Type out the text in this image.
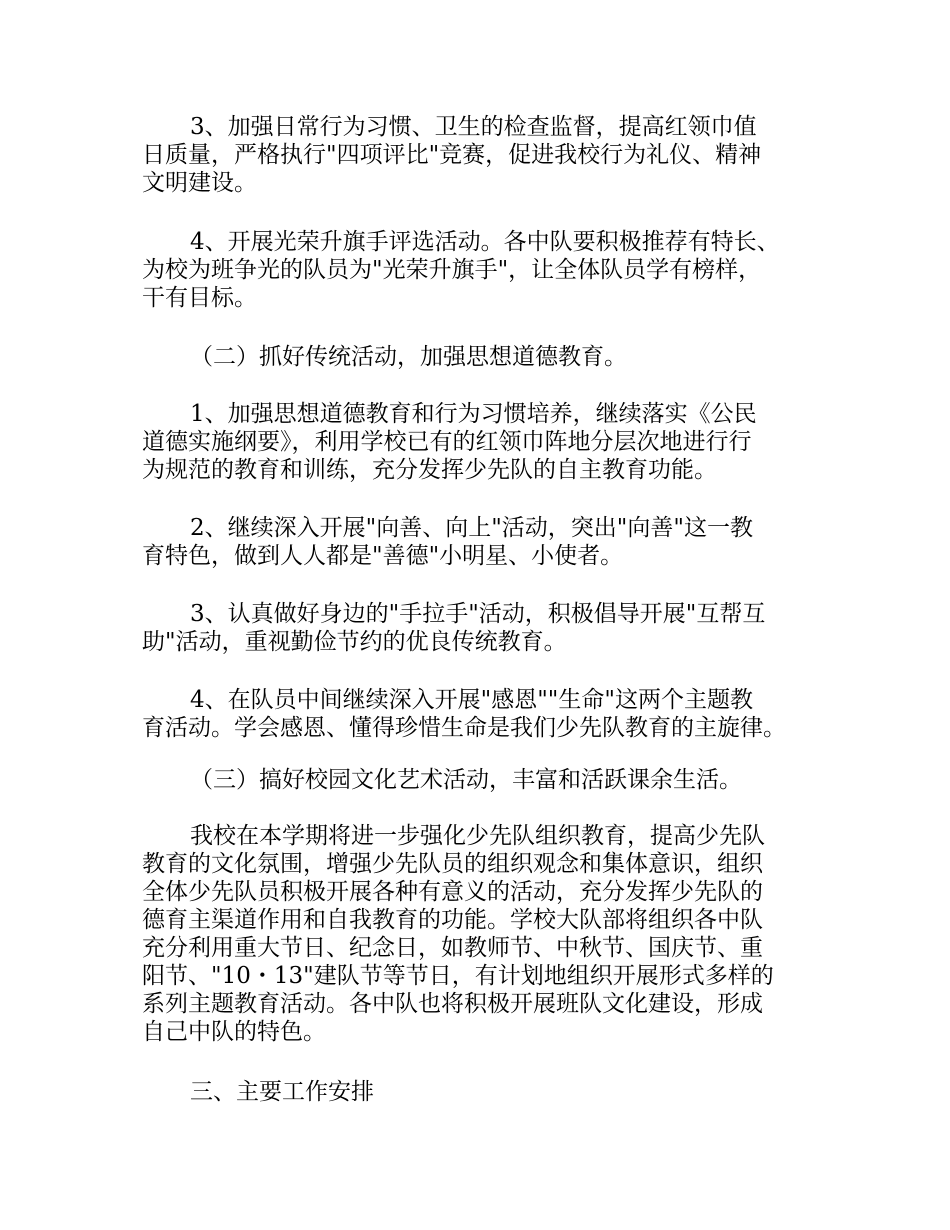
3、加强日常行为习惯、卫生的检查监督，提高红领巾值
日质量，严格执行"四项评比"竞赛，促进我校行为礼仪、精神
文明建设。

4、开展光荣升旗手评选活动。各中队要积极推荐有特长、
为校为班争光的队员为"光荣升旗手"，让全体队员学有榜样，
干有目标。

（二）抓好传统活动，加强思想道德教育。

1、加强思想道德教育和行为习惯培养，继续落实《公民
道德实施纲要》，利用学校已有的红领巾阵地分层次地进行行
为规范的教育和训练，充分发挥少先队的自主教育功能。

2、继续深入开展"向善、向上"活动，突出"向善"这一教
育特色，做到人人都是"善德"小明星、小使者。

3、认真做好身边的"手拉手"活动，积极倡导开展"互帮互
助"活动，重视勤俭节约的优良传统教育。

4、在队员中间继续深入开展"感恩""生命"这两个主题教
育活动。学会感恩、懂得珍惜生命是我们少先队教育的主旋律。

（三）搞好校园文化艺术活动，丰富和活跃课余生活。

我校在本学期将进一步强化少先队组织教育，提高少先队
教育的文化氛围，增强少先队员的组织观念和集体意识，组织
全体少先队员积极开展各种有意义的活动，充分发挥少先队的
德育主渠道作用和自我教育的功能。学校大队部将组织各中队
充分利用重大节日、纪念日，如教师节、中秋节、国庆节、重
阳节、"10・13"建队节等节日，有计划地组织开展形式多样的
系列主题教育活动。各中队也将积极开展班队文化建设，形成
自己中队的特色。

三、主要工作安排
